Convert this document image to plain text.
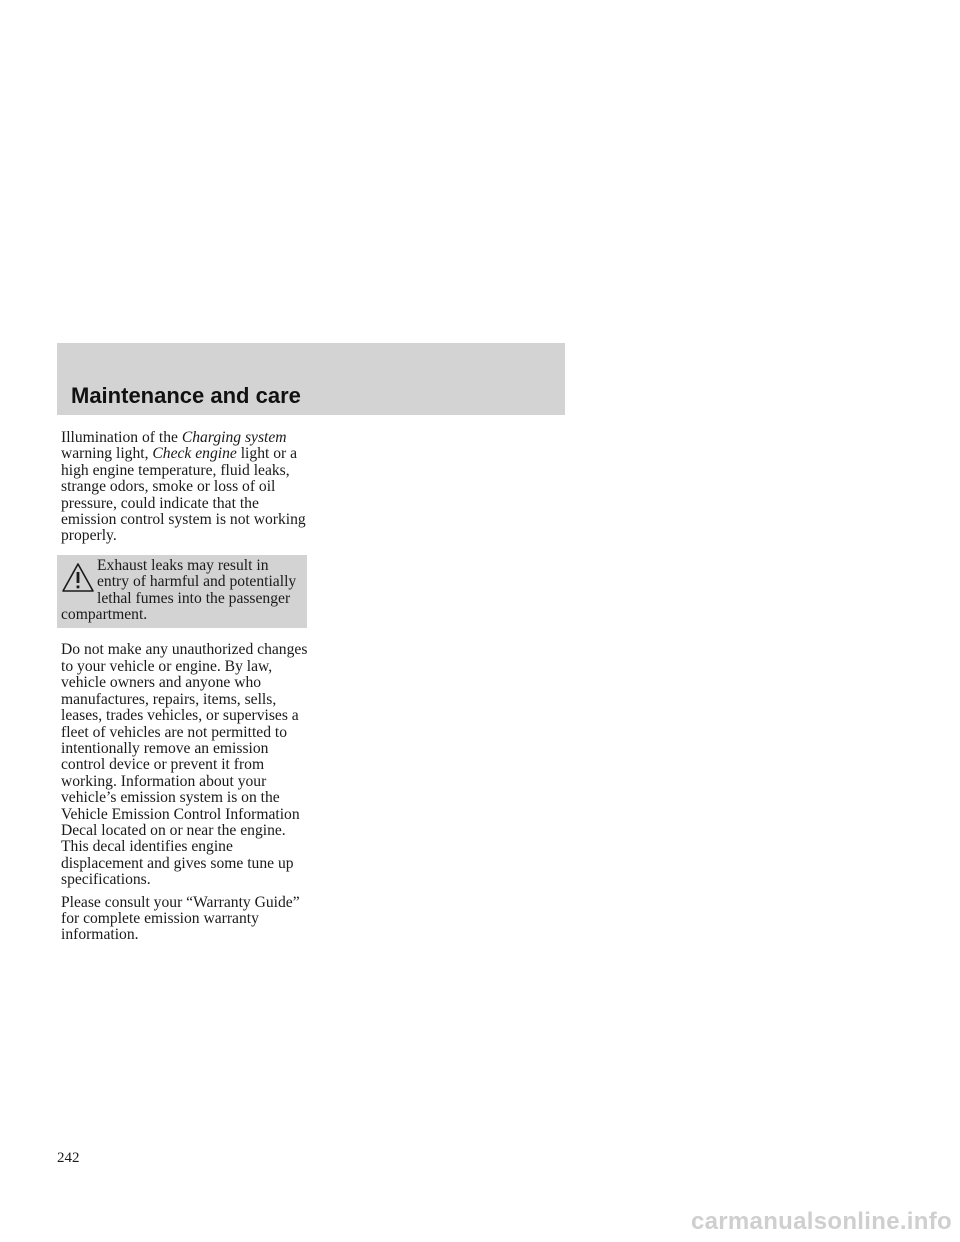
Maintenance and care

Illumination of the Charging system warning light, Check engine light or a high engine temperature, fluid leaks, strange odors, smoke or loss of oil pressure, could indicate that the emission control system is not working properly.

Exhaust leaks may result in entry of harmful and potentially lethal fumes into the passenger compartment.

Do not make any unauthorized changes to your vehicle or engine. By law, vehicle owners and anyone who manufactures, repairs, items, sells, leases, trades vehicles, or supervises a fleet of vehicles are not permitted to intentionally remove an emission control device or prevent it from working. Information about your vehicle’s emission system is on the Vehicle Emission Control Information Decal located on or near the engine. This decal identifies engine displacement and gives some tune up specifications.

Please consult your “Warranty Guide” for complete emission warranty information.

242

carmanualsonline.info
